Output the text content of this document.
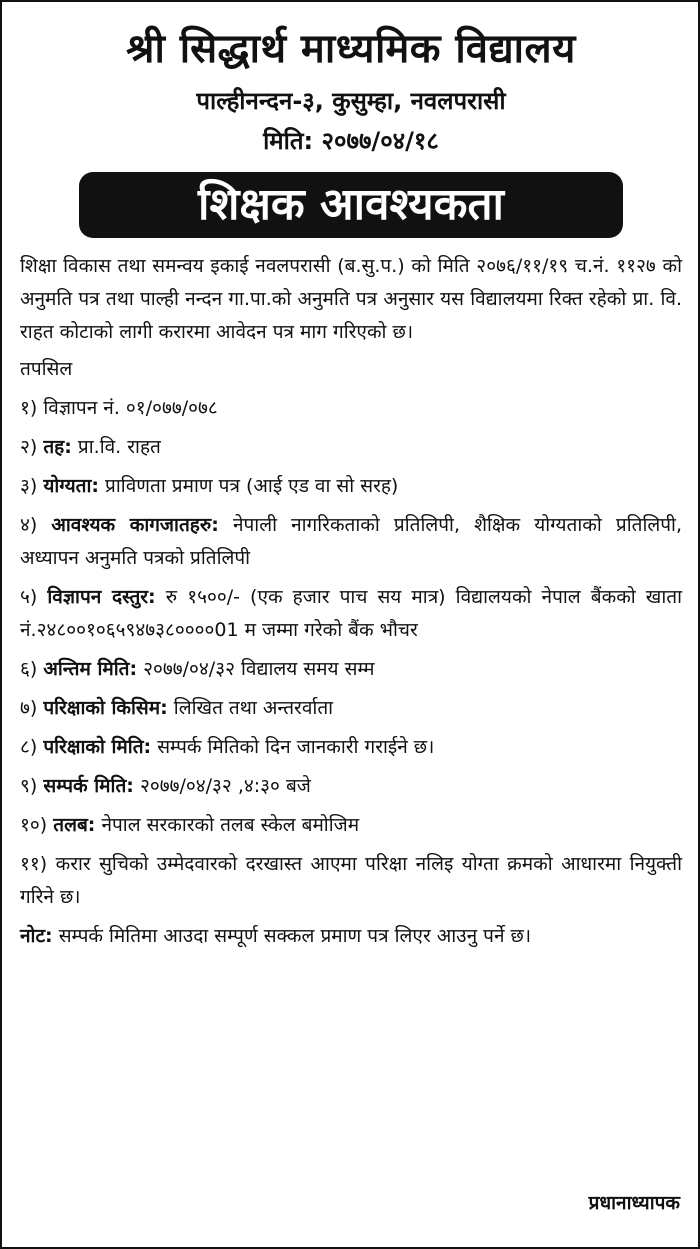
श्री सिद्धार्थ माध्यमिक विद्यालय
पाल्हीनन्दन-३, कुसुम्हा, नवलपरासी
मिति: २०७७/०४/१८
शिक्षक आवश्यकता

शिक्षा विकास तथा समन्वय इकाई नवलपरासी (ब.सु.प.) को मिति २०७६/११/१९ च.नं. ११२७ को अनुमति पत्र तथा पाल्ही नन्दन गा.पा.को अनुमति पत्र अनुसार यस विद्यालयमा रिक्त रहेको प्रा. वि. राहत कोटाको लागी करारमा आवेदन पत्र माग गरिएको छ।

तपसिल

१) विज्ञापन नं. ०१/०७७/०७८

२) तह: प्रा.वि. राहत

३) योग्यता: प्राविणता प्रमाण पत्र (आई एड वा सो सरह)

४) आवश्यक कागजातहरु: नेपाली नागरिकताको प्रतिलिपी, शैक्षिक योग्यताको प्रतिलिपी, अध्यापन अनुमति पत्रको प्रतिलिपी

५) विज्ञापन दस्तुर: रु १५००/- (एक हजार पाच सय मात्र) विद्यालयको नेपाल बैंकको खाता नं.२४८००१०६५९४७३८००००01 म जम्मा गरेको बैंक भौचर

६) अन्तिम मिति: २०७७/०४/३२ विद्यालय समय सम्म

७) परिक्षाको किसिम: लिखित तथा अन्तरर्वाता

८) परिक्षाको मिति: सम्पर्क मितिको दिन जानकारी गराईने छ।

९) सम्पर्क मिति: २०७७/०४/३२ ,४:३० बजे

१०) तलब: नेपाल सरकारको तलब स्केल बमोजिम

११) करार सुचिको उम्मेदवारको दरखास्त आएमा परिक्षा नलिइ योग्ता क्रमको आधारमा नियुक्ती गरिने छ।

नोट: सम्पर्क मितिमा आउदा सम्पूर्ण सक्कल प्रमाण पत्र लिएर आउनु पर्ने छ।

प्रधानाध्यापक
